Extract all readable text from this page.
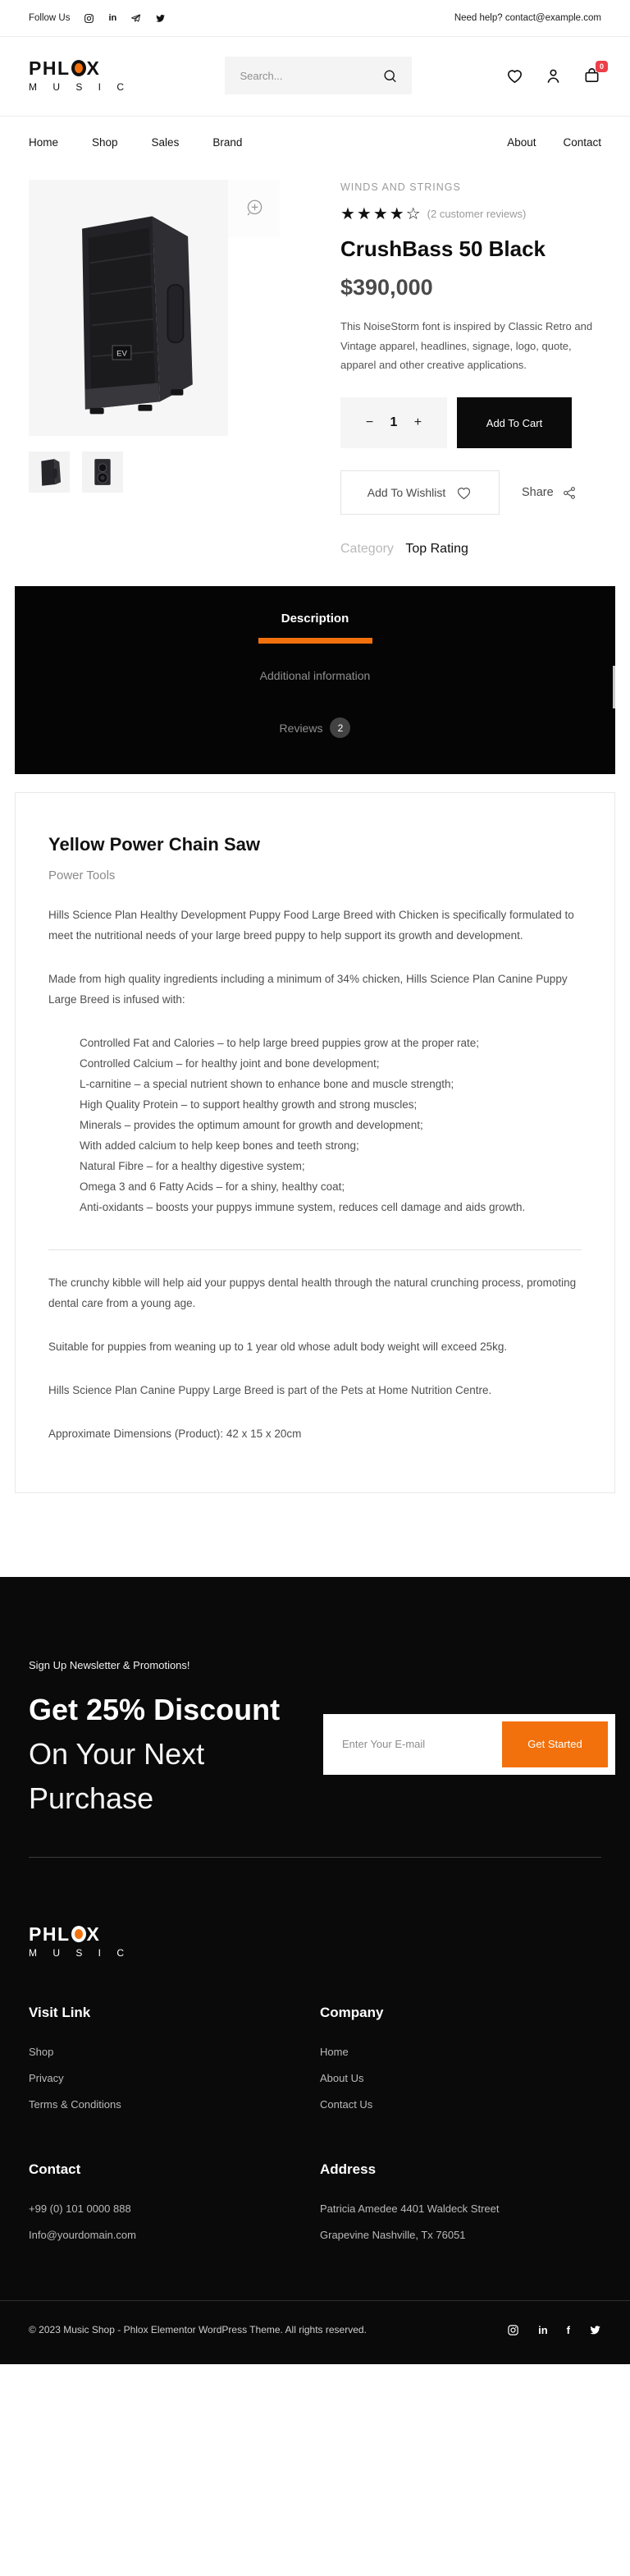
Follow Us	in	Need help? contact@example.com
PHL X
M U S I C
Search...
0
Home	Shop	Sales	Brand	About Contact
EV
WINDS AND STRINGS
★★★★ ☆ (2 customer reviews)
CrushBass 50 Black
$390,000
This NoiseStorm font is inspired by Classic Retro and Vintage apparel, headlines, signage, logo, quote, apparel and other creative applications.
− 1 +	Add To Cart
Add To Wishlist	Share
Category Top Rating
Description
Additional information
Reviews	2
Yellow Power Chain Saw
Power Tools

Hills Science Plan Healthy Development Puppy Food Large Breed with Chicken is specifically formulated to meet the nutritional needs of your large breed puppy to help support its growth and development.

Made from high quality ingredients including a minimum of 34% chicken, Hills Science Plan Canine Puppy Large Breed is infused with:

Controlled Fat and Calories – to help large breed puppies grow at the proper rate;
Controlled Calcium – for healthy joint and bone development;
L-carnitine – a special nutrient shown to enhance bone and muscle strength;
High Quality Protein – to support healthy growth and strong muscles;
Minerals – provides the optimum amount for growth and development;
With added calcium to help keep bones and teeth strong;
Natural Fibre – for a healthy digestive system;
Omega 3 and 6 Fatty Acids – for a shiny, healthy coat;
Anti-oxidants – boosts your puppys immune system, reduces cell damage and aids growth.

The crunchy kibble will help aid your puppys dental health through the natural crunching process, promoting dental care from a young age.

Suitable for puppies from weaning up to 1 year old whose adult body weight will exceed 25kg.

Hills Science Plan Canine Puppy Large Breed is part of the Pets at Home Nutrition Centre.

Approximate Dimensions (Product): 42 x 15 x 20cm

Sign Up Newsletter & Promotions!
Get 25% Discount
On Your Next
Purchase
Enter Your E-mail
Get Started
PHL X
M U S I C
Visit Link
Shop
Privacy
Terms & Conditions
Company
Home
About Us
Contact Us
Contact
+99 (0) 101 0000 888
Info@yourdomain.com
Address
Patricia Amedee 4401 Waldeck Street
Grapevine Nashville, Tx 76051
© 2023 Music Shop - Phlox Elementor WordPress Theme. All rights reserved.	in f
